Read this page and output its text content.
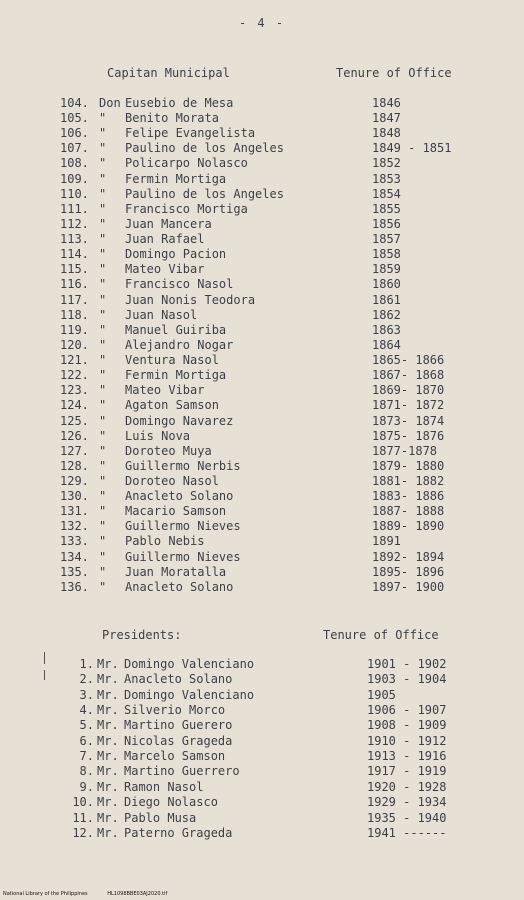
- 4 -
Capitan Municipal	Tenure of Office
104. Don Eusebio de Mesa	1846
105. " Benito Morata	1847
106. " Felipe Evangelista	1848
107. " Paulino de los Angeles	1849 - 1851
108. " Policarpo Nolasco	1852
109. " Fermin Mortiga	1853
110. " Paulino de los Angeles	1854
111. " Francisco Mortiga	1855
112. " Juan Mancera	1856
113. " Juan Rafael	1857
114. " Domingo Pacion	1858
115. " Mateo Vibar	1859
116. " Francisco Nasol	1860
117. " Juan Nonis Teodora	1861
118. " Juan Nasol	1862
119. " Manuel Guiriba	1863
120. " Alejandro Nogar	1864
121. " Ventura Nasol	1865- 1866
122. " Fermin Mortiga	1867- 1868
123. " Mateo Vibar	1869- 1870
124. " Agaton Samson	1871- 1872
125. " Domingo Navarez	1873- 1874
126. " Luis Nova	1875- 1876
127. " Doroteo Muya	1877-1878
128. " Guillermo Nerbis	1879- 1880
129. " Doroteo Nasol	1881- 1882
130. " Anacleto Solano	1883- 1886
131. " Macario Samson	1887- 1888
132. " Guillermo Nieves	1889- 1890
133. " Pablo Nebis	1891
134. " Guillermo Nieves	1892- 1894
135. " Juan Moratalla	1895- 1896
136. " Anacleto Solano	1897- 1900
Presidents:	Tenure of Office
1. Mr. Domingo Valenciano	1901 - 1902
2. Mr. Anacleto Solano	1903 - 1904
3. Mr. Domingo Valenciano	1905
4. Mr. Silverio Morco	1906 - 1907
5. Mr. Martino Guerero	1908 - 1909
6. Mr. Nicolas Grageda	1910 - 1912
7. Mr. Marcelo Samson	1913 - 1916
8. Mr. Martino Guerrero	1917 - 1919
9. Mr. Ramon Nasol	1920 - 1928
10. Mr. Diego Nolasco	1929 - 1934
11. Mr. Pablo Musa	1935 - 1940
12. Mr. Paterno Grageda	1941 ------
National Library of the Philippines	HL1098BBE03AJ2020.tif
